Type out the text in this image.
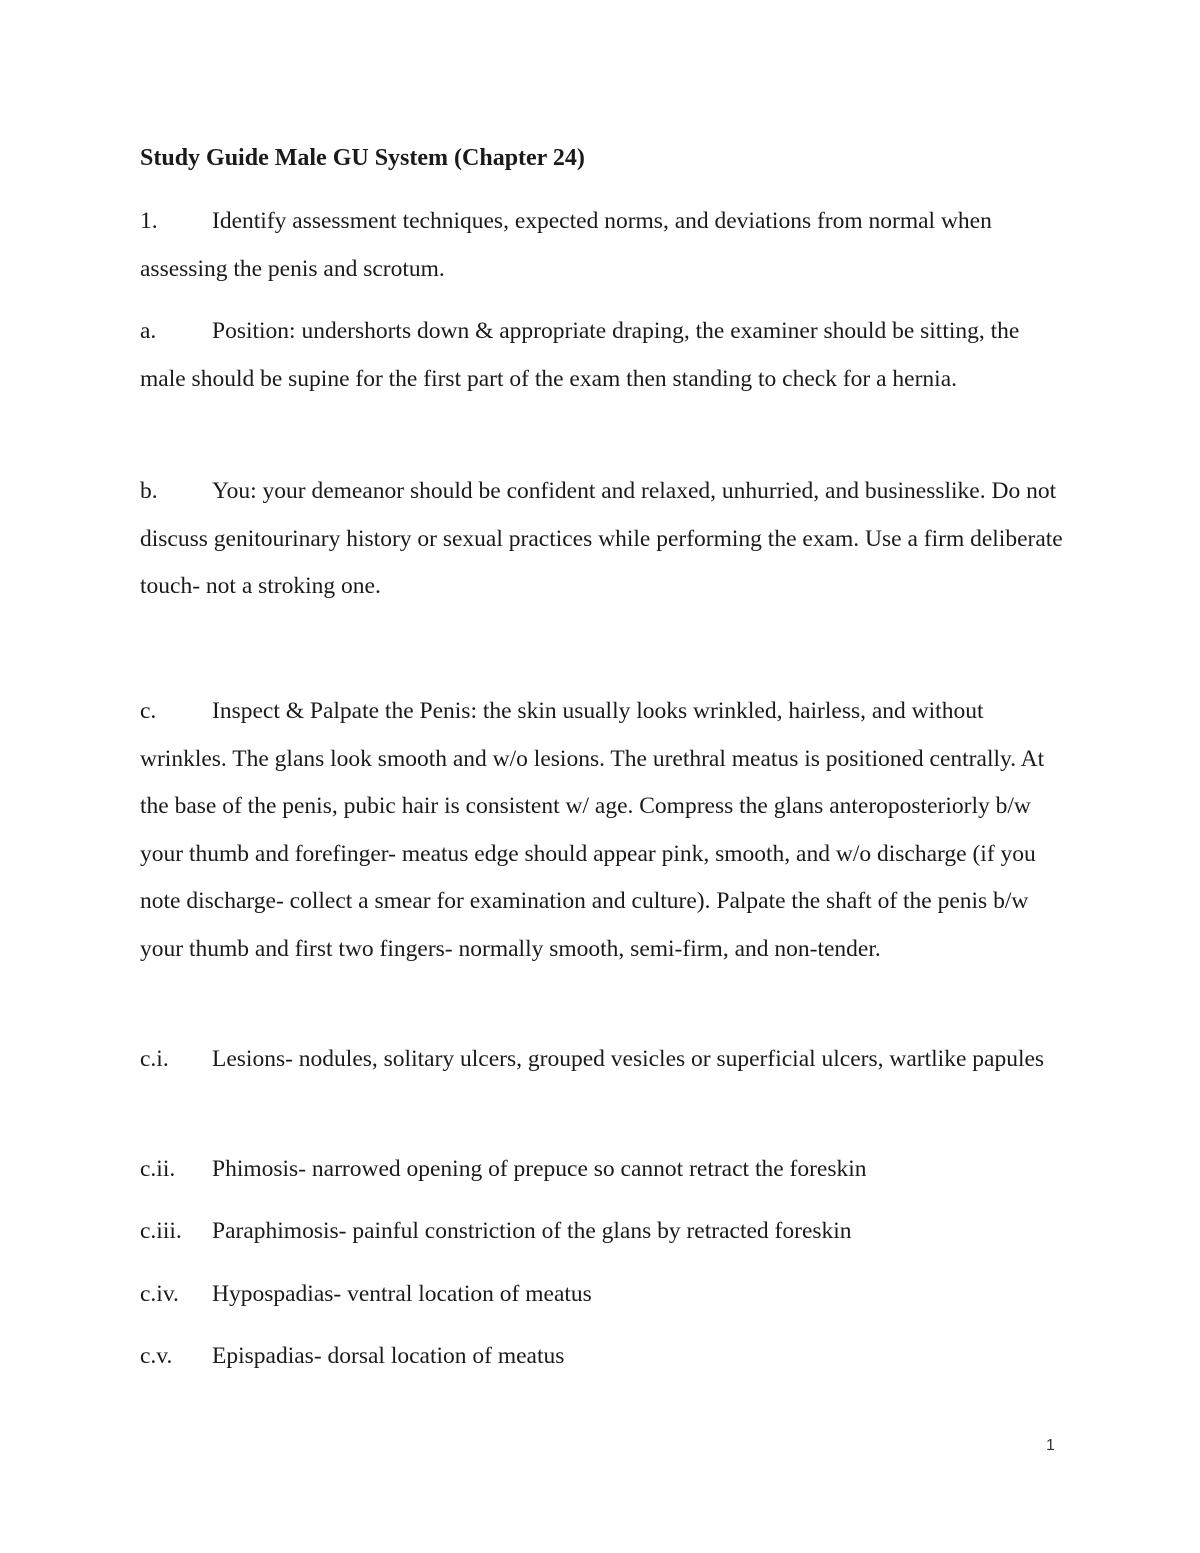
Study Guide Male GU System (Chapter 24)

1. Identify assessment techniques, expected norms, and deviations from normal when assessing the penis and scrotum.

a. Position: undershorts down & appropriate draping, the examiner should be sitting, the male should be supine for the first part of the exam then standing to check for a hernia.

b. You: your demeanor should be confident and relaxed, unhurried, and businesslike. Do not discuss genitourinary history or sexual practices while performing the exam. Use a firm deliberate touch- not a stroking one.

c. Inspect & Palpate the Penis: the skin usually looks wrinkled, hairless, and without wrinkles. The glans look smooth and w/o lesions. The urethral meatus is positioned centrally. At the base of the penis, pubic hair is consistent w/ age. Compress the glans anteroposteriorly b/w your thumb and forefinger- meatus edge should appear pink, smooth, and w/o discharge (if you note discharge- collect a smear for examination and culture). Palpate the shaft of the penis b/w your thumb and first two fingers- normally smooth, semi-firm, and non-tender.

c.i. Lesions- nodules, solitary ulcers, grouped vesicles or superficial ulcers, wartlike papules

c.ii. Phimosis- narrowed opening of prepuce so cannot retract the foreskin
c.iii. Paraphimosis- painful constriction of the glans by retracted foreskin
c.iv. Hypospadias- ventral location of meatus
c.v. Epispadias- dorsal location of meatus
1
